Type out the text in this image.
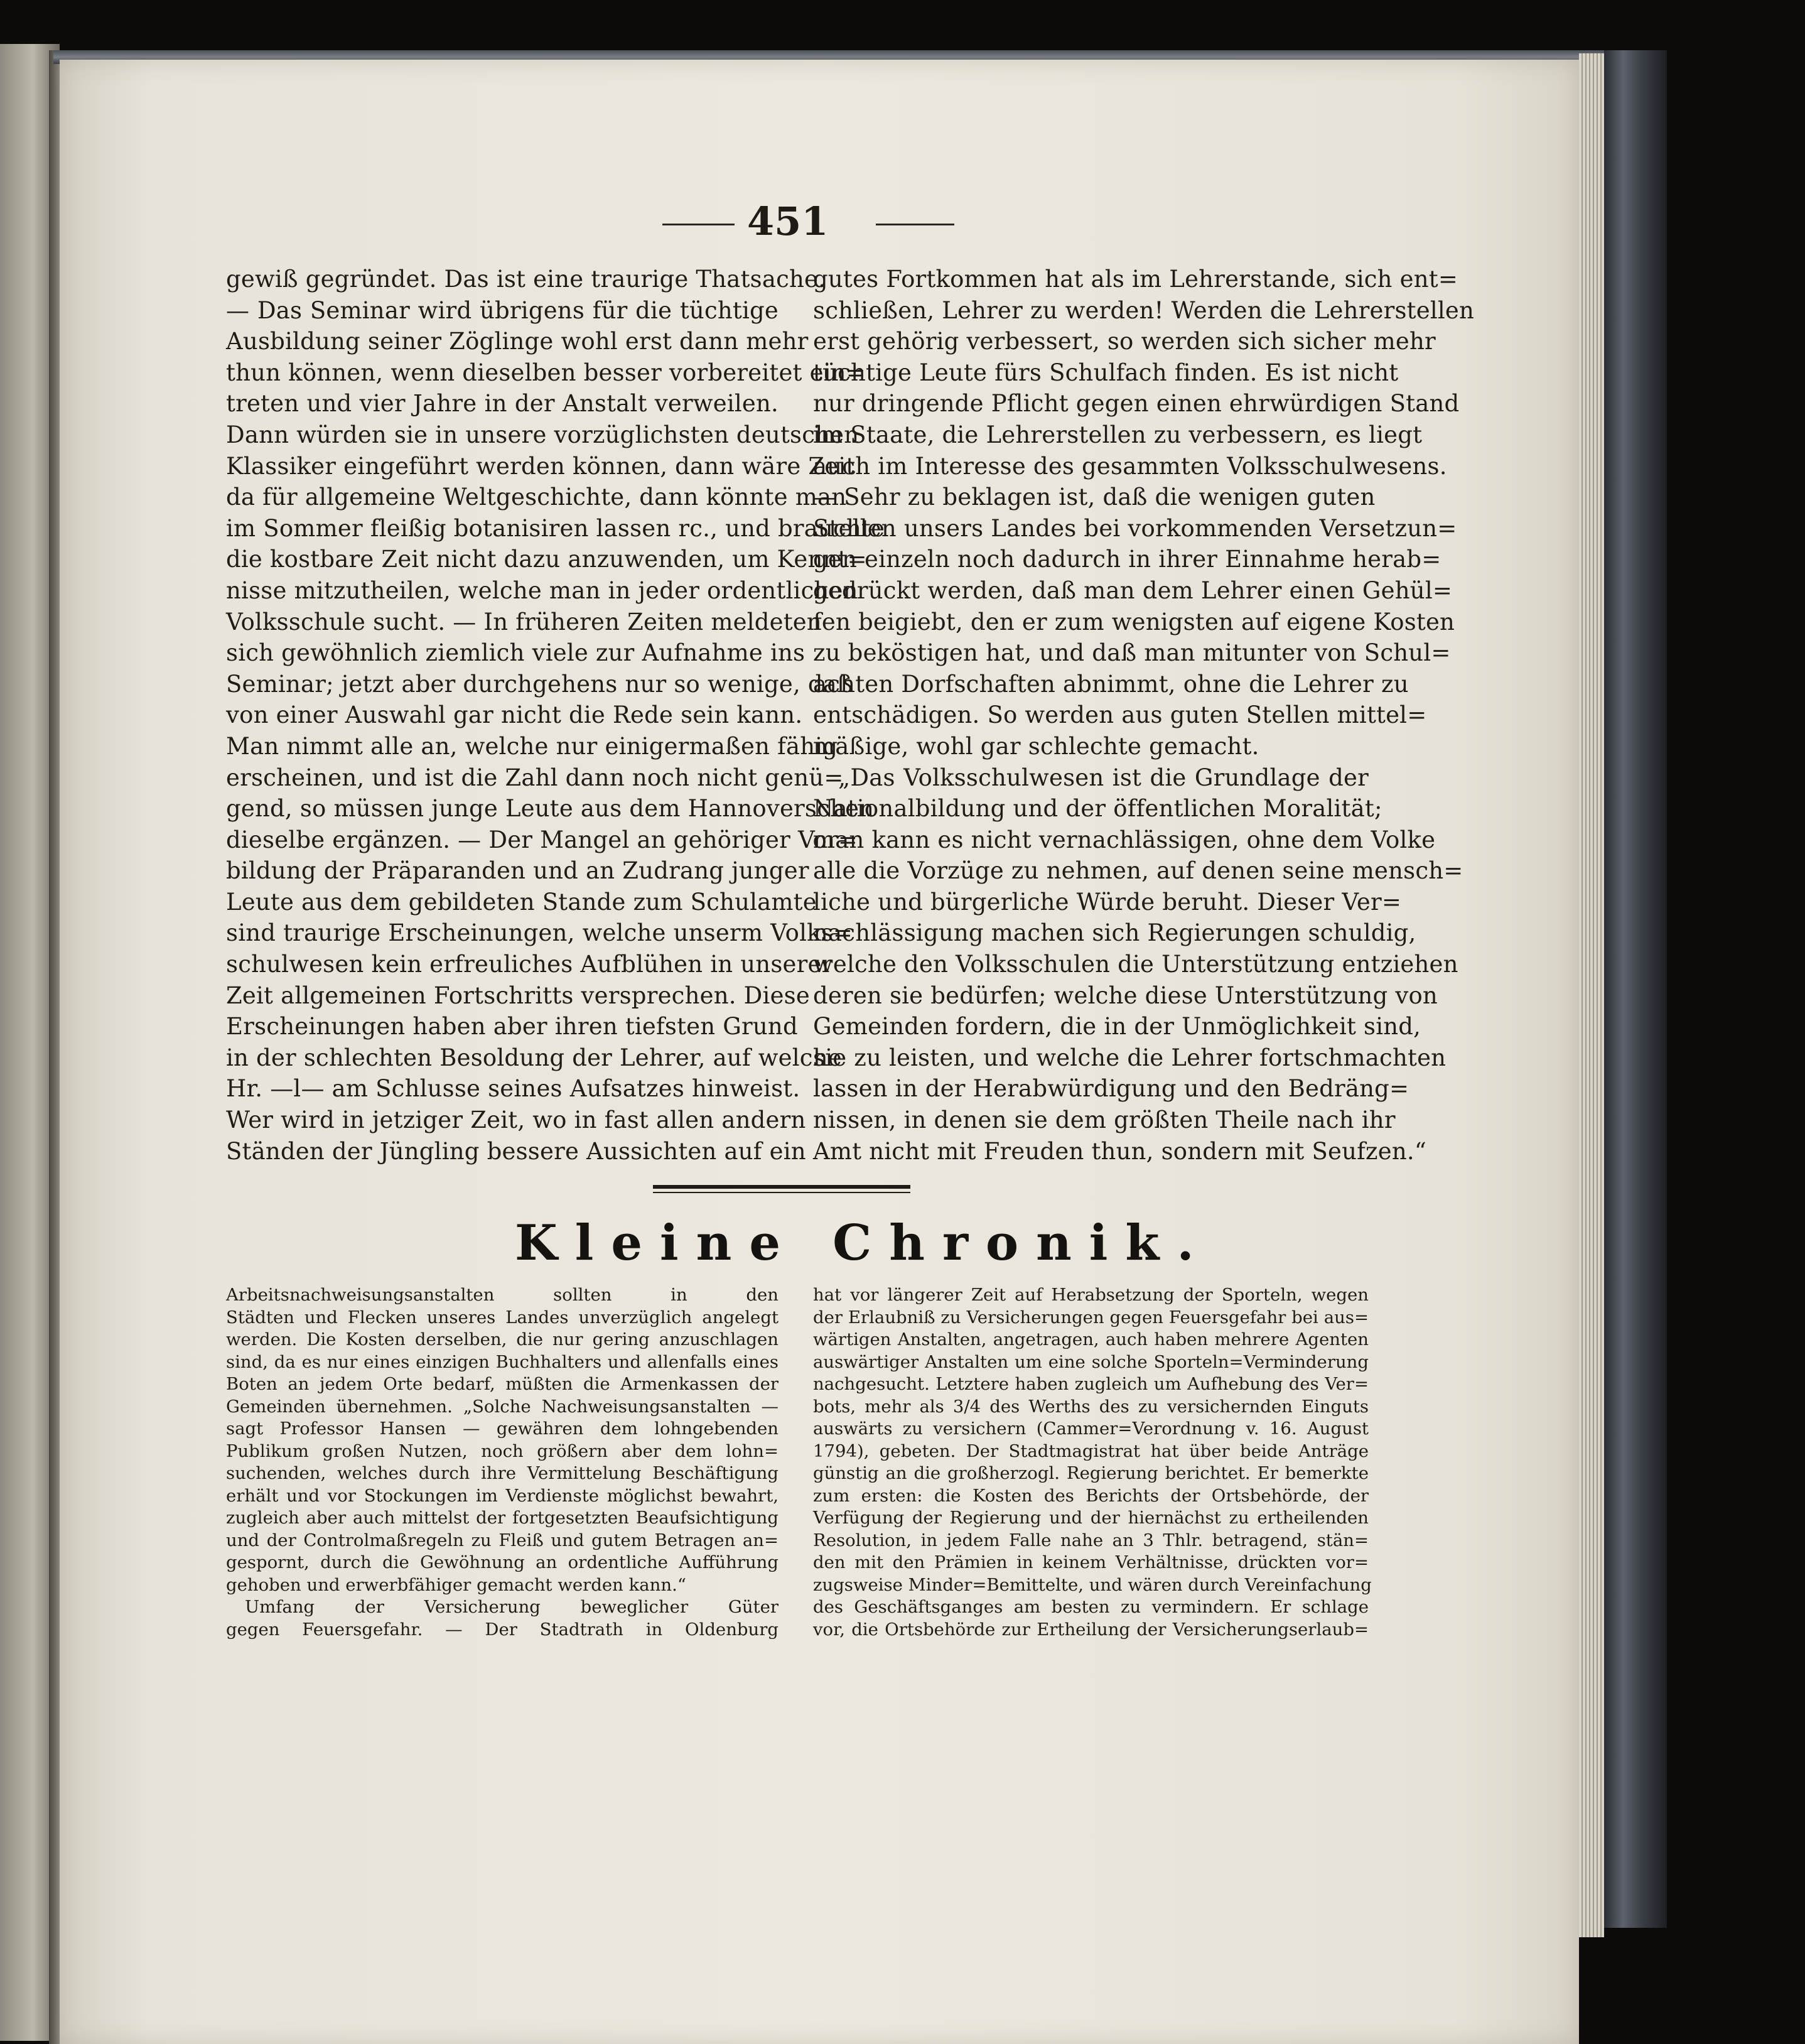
451

gewiß gegründet. Das ist eine traurige Thatsache.

— Das Seminar wird übrigens für die tüchtige

Ausbildung seiner Zöglinge wohl erst dann mehr

thun können, wenn dieselben besser vorbereitet ein=

treten und vier Jahre in der Anstalt verweilen.

Dann würden sie in unsere vorzüglichsten deutschen

Klassiker eingeführt werden können, dann wäre Zeit

da für allgemeine Weltgeschichte, dann könnte man

im Sommer fleißig botanisiren lassen rc., und brauchte

die kostbare Zeit nicht dazu anzuwenden, um Kennt=

nisse mitzutheilen, welche man in jeder ordentlichen

Volksschule sucht. — In früheren Zeiten meldeten

sich gewöhnlich ziemlich viele zur Aufnahme ins

Seminar; jetzt aber durchgehens nur so wenige, daß

von einer Auswahl gar nicht die Rede sein kann.

Man nimmt alle an, welche nur einigermaßen fähig

erscheinen, und ist die Zahl dann noch nicht genü=

gend, so müssen junge Leute aus dem Hannoverschen

dieselbe ergänzen. — Der Mangel an gehöriger Vor=

bildung der Präparanden und an Zudrang junger

Leute aus dem gebildeten Stande zum Schulamte

sind traurige Erscheinungen, welche unserm Volks=

schulwesen kein erfreuliches Aufblühen in unserer

Zeit allgemeinen Fortschritts versprechen. Diese

Erscheinungen haben aber ihren tiefsten Grund

in der schlechten Besoldung der Lehrer, auf welche

Hr. —l— am Schlusse seines Aufsatzes hinweist.

Wer wird in jetziger Zeit, wo in fast allen andern

Ständen der Jüngling bessere Aussichten auf ein

gutes Fortkommen hat als im Lehrerstande, sich ent=

schließen, Lehrer zu werden! Werden die Lehrerstellen

erst gehörig verbessert, so werden sich sicher mehr

tüchtige Leute fürs Schulfach finden. Es ist nicht

nur dringende Pflicht gegen einen ehrwürdigen Stand

im Staate, die Lehrerstellen zu verbessern, es liegt

auch im Interesse des gesammten Volksschulwesens.

— Sehr zu beklagen ist, daß die wenigen guten

Stellen unsers Landes bei vorkommenden Versetzun=

gen einzeln noch dadurch in ihrer Einnahme herab=

gedrückt werden, daß man dem Lehrer einen Gehül=

fen beigiebt, den er zum wenigsten auf eigene Kosten

zu beköstigen hat, und daß man mitunter von Schul=

achten Dorfschaften abnimmt, ohne die Lehrer zu

entschädigen. So werden aus guten Stellen mittel=

mäßige, wohl gar schlechte gemacht.

„Das Volksschulwesen ist die Grundlage der

Nationalbildung und der öffentlichen Moralität;

man kann es nicht vernachlässigen, ohne dem Volke

alle die Vorzüge zu nehmen, auf denen seine mensch=

liche und bürgerliche Würde beruht. Dieser Ver=

nachlässigung machen sich Regierungen schuldig,

welche den Volksschulen die Unterstützung entziehen

deren sie bedürfen; welche diese Unterstützung von

Gemeinden fordern, die in der Unmöglichkeit sind,

sie zu leisten, und welche die Lehrer fortschmachten

lassen in der Herabwürdigung und den Bedräng=

nissen, in denen sie dem größten Theile nach ihr

Amt nicht mit Freuden thun, sondern mit Seufzen.“

Kleine Chronik.

Arbeitsnachweisungsanstalten sollten in den

Städten und Flecken unseres Landes unverzüglich angelegt

werden. Die Kosten derselben, die nur gering anzuschlagen

sind, da es nur eines einzigen Buchhalters und allenfalls eines

Boten an jedem Orte bedarf, müßten die Armenkassen der

Gemeinden übernehmen. „Solche Nachweisungsanstalten —

sagt Professor Hansen — gewähren dem lohngebenden

Publikum großen Nutzen, noch größern aber dem lohn=

suchenden, welches durch ihre Vermittelung Beschäftigung

erhält und vor Stockungen im Verdienste möglichst bewahrt,

zugleich aber auch mittelst der fortgesetzten Beaufsichtigung

und der Controlmaßregeln zu Fleiß und gutem Betragen an=

gespornt, durch die Gewöhnung an ordentliche Aufführung

gehoben und erwerbfähiger gemacht werden kann.“

Umfang der Versicherung beweglicher Güter

gegen Feuersgefahr. — Der Stadtrath in Oldenburg

hat vor längerer Zeit auf Herabsetzung der Sporteln, wegen

der Erlaubniß zu Versicherungen gegen Feuersgefahr bei aus=

wärtigen Anstalten, angetragen, auch haben mehrere Agenten

auswärtiger Anstalten um eine solche Sporteln=Verminderung

nachgesucht. Letztere haben zugleich um Aufhebung des Ver=

bots, mehr als 3/4 des Werths des zu versichernden Einguts

auswärts zu versichern (Cammer=Verordnung v. 16. August

1794), gebeten. Der Stadtmagistrat hat über beide Anträge

günstig an die großherzogl. Regierung berichtet. Er bemerkte

zum ersten: die Kosten des Berichts der Ortsbehörde, der

Verfügung der Regierung und der hiernächst zu ertheilenden

Resolution, in jedem Falle nahe an 3 Thlr. betragend, stän=

den mit den Prämien in keinem Verhältnisse, drückten vor=

zugsweise Minder=Bemittelte, und wären durch Vereinfachung

des Geschäftsganges am besten zu vermindern. Er schlage

vor, die Ortsbehörde zur Ertheilung der Versicherungserlaub=
